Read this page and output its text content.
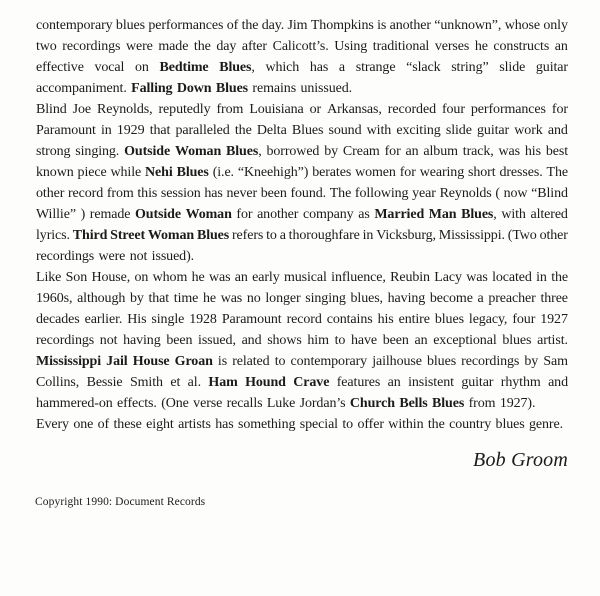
contemporary blues performances of the day. Jim Thompkins is another “unknown”, whose only
two recordings were made the day after Calicott’s. Using traditional verses he constructs an
effective vocal on Bedtime Blues, which has a strange “slack string” slide guitar
accompaniment. Falling Down Blues remains unissued.
Blind Joe Reynolds, reputedly from Louisiana or Arkansas, recorded four performances for
Paramount in 1929 that paralleled the Delta Blues sound with exciting slide guitar work and
strong singing. Outside Woman Blues, borrowed by Cream for an album track, was his best
known piece while Nehi Blues (i.e. “Kneehigh”) berates women for wearing short dresses. The
other record from this session has never been found. The following year Reynolds ( now “Blind
Willie” ) remade Outside Woman for another company as Married Man Blues, with altered
lyrics. Third Street Woman Blues refers to a thoroughfare in Vicksburg, Mississippi. (Two other
recordings were not issued).
Like Son House, on whom he was an early musical influence, Reubin Lacy was located in the
1960s, although by that time he was no longer singing blues, having become a preacher three
decades earlier. His single 1928 Paramount record contains his entire blues legacy, four 1927
recordings not having been issued, and shows him to have been an exceptional blues artist.
Mississippi Jail House Groan is related to contemporary jailhouse blues recordings by Sam
Collins, Bessie Smith et al. Ham Hound Crave features an insistent guitar rhythm and
hammered-on effects. (One verse recalls Luke Jordan’s Church Bells Blues from 1927).
Every one of these eight artists has something special to offer within the country blues genre.
Bob Groom
Copyright 1990: Document Records
